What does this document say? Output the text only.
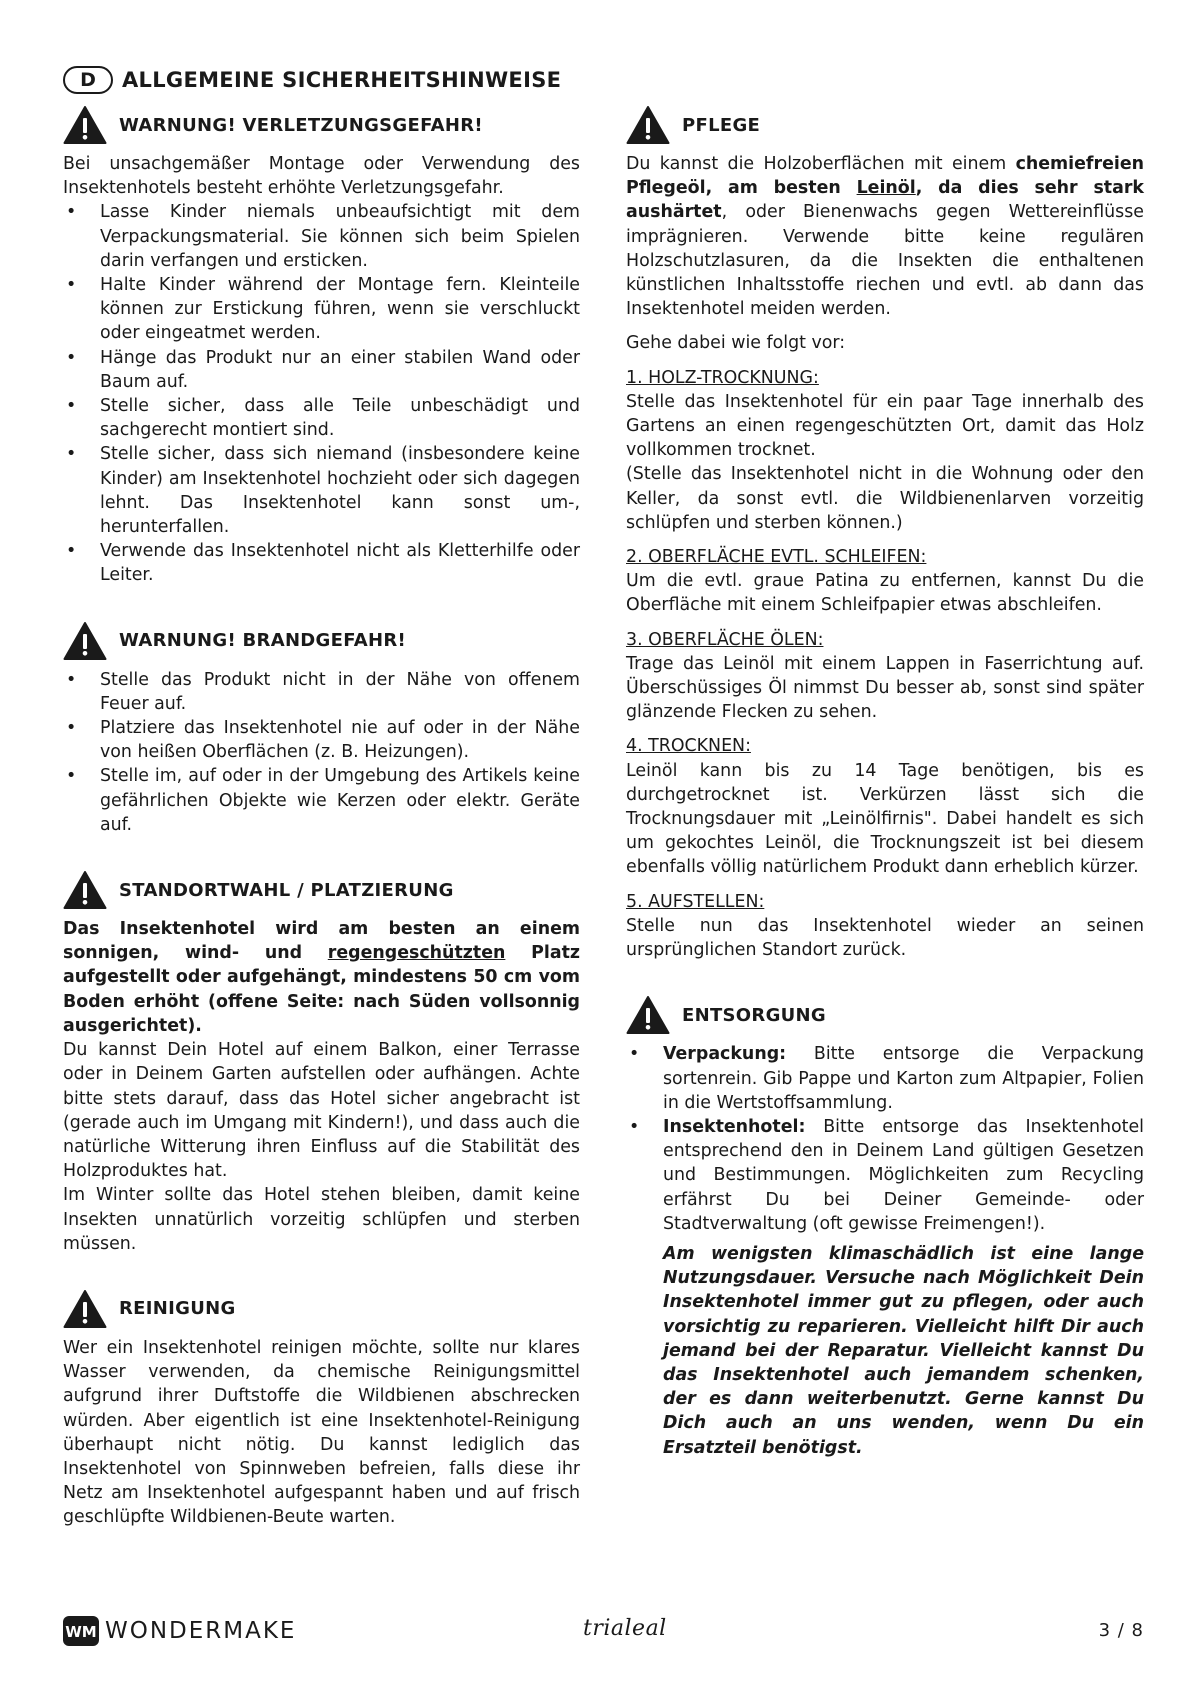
D	ALLGEMEINE SICHERHEITSHINWEISE
WARNUNG! VERLETZUNGSGEFAHR!

Bei unsachgemäßer Montage oder Verwendung des Insektenhotels besteht erhöhte Verletzungsgefahr.

• Lasse Kinder niemals unbeaufsichtigt mit dem Verpackungsmaterial. Sie können sich beim Spielen darin verfangen und ersticken.
• Halte Kinder während der Montage fern. Kleinteile können zur Erstickung führen, wenn sie verschluckt oder eingeatmet werden.
• Hänge das Produkt nur an einer stabilen Wand oder Baum auf.
• Stelle sicher, dass alle Teile unbeschädigt und sachgerecht montiert sind.
• Stelle sicher, dass sich niemand (insbesondere keine Kinder) am Insektenhotel hochzieht oder sich dagegen lehnt. Das Insektenhotel kann sonst um-, herunterfallen.
• Verwende das Insektenhotel nicht als Kletterhilfe oder Leiter.
WARNUNG! BRANDGEFAHR!
• Stelle das Produkt nicht in der Nähe von offenem Feuer auf.
• Platziere das Insektenhotel nie auf oder in der Nähe von heißen Oberflächen (z. B. Heizungen).
• Stelle im, auf oder in der Umgebung des Artikels keine gefährlichen Objekte wie Kerzen oder elektr. Geräte auf.
STANDORTWAHL / PLATZIERUNG

Das Insektenhotel wird am besten an einem sonnigen, wind- und regengeschützten Platz aufgestellt oder aufgehängt, mindestens 50 cm vom Boden erhöht (offene Seite: nach Süden vollsonnig ausgerichtet).

Du kannst Dein Hotel auf einem Balkon, einer Terrasse oder in Deinem Garten aufstellen oder aufhängen. Achte bitte stets darauf, dass das Hotel sicher angebracht ist (gerade auch im Umgang mit Kindern!), und dass auch die natürliche Witterung ihren Einfluss auf die Stabilität des Holzproduktes hat.

Im Winter sollte das Hotel stehen bleiben, damit keine Insekten unnatürlich vorzeitig schlüpfen und sterben müssen.

REINIGUNG

Wer ein Insektenhotel reinigen möchte, sollte nur klares Wasser verwenden, da chemische Reinigungsmittel aufgrund ihrer Duftstoffe die Wildbienen abschrecken würden. Aber eigentlich ist eine Insektenhotel-Reinigung überhaupt nicht nötig. Du kannst lediglich das Insektenhotel von Spinnweben befreien, falls diese ihr Netz am Insektenhotel aufgespannt haben und auf frisch geschlüpfte Wildbienen-Beute warten.

PFLEGE

Du kannst die Holzoberflächen mit einem chemiefreien Pflegeöl, am besten Leinöl, da dies sehr stark aushärtet, oder Bienenwachs gegen Wettereinflüsse imprägnieren. Verwende bitte keine regulären Holzschutzlasuren, da die Insekten die enthaltenen künstlichen Inhaltsstoffe riechen und evtl. ab dann das Insektenhotel meiden werden.

Gehe dabei wie folgt vor:

1. HOLZ-TROCKNUNG:

Stelle das Insektenhotel für ein paar Tage innerhalb des Gartens an einen regengeschützten Ort, damit das Holz vollkommen trocknet.

(Stelle das Insektenhotel nicht in die Wohnung oder den Keller, da sonst evtl. die Wildbienenlarven vorzeitig schlüpfen und sterben können.)

2. OBERFLÄCHE EVTL. SCHLEIFEN:

Um die evtl. graue Patina zu entfernen, kannst Du die Oberfläche mit einem Schleifpapier etwas abschleifen.

3. OBERFLÄCHE ÖLEN:

Trage das Leinöl mit einem Lappen in Faserrichtung auf. Überschüssiges Öl nimmst Du besser ab, sonst sind später glänzende Flecken zu sehen.

4. TROCKNEN:

Leinöl kann bis zu 14 Tage benötigen, bis es durchgetrocknet ist. Verkürzen lässt sich die Trocknungsdauer mit „Leinölfirnis". Dabei handelt es sich um gekochtes Leinöl, die Trocknungszeit ist bei diesem ebenfalls völlig natürlichem Produkt dann erheblich kürzer.

5. AUFSTELLEN:

Stelle nun das Insektenhotel wieder an seinen ursprünglichen Standort zurück.

ENTSORGUNG
• Verpackung: Bitte entsorge die Verpackung sortenrein. Gib Pappe und Karton zum Altpapier, Folien in die Wertstoffsammlung.
• Insektenhotel: Bitte entsorge das Insektenhotel entsprechend den in Deinem Land gültigen Gesetzen und Bestimmungen. Möglichkeiten zum Recycling erfährst Du bei Deiner Gemeinde- oder Stadtverwaltung (oft gewisse Freimengen!).

Am wenigsten klimaschädlich ist eine lange Nutzungsdauer. Versuche nach Möglichkeit Dein Insektenhotel immer gut zu pflegen, oder auch vorsichtig zu reparieren. Vielleicht hilft Dir auch jemand bei der Reparatur. Vielleicht kannst Du das Insektenhotel auch jemandem schenken, der es dann weiterbenutzt. Gerne kannst Du Dich auch an uns wenden, wenn Du ein Ersatzteil benötigst.

WM WONDERMAKE	trialeal	3 / 8
